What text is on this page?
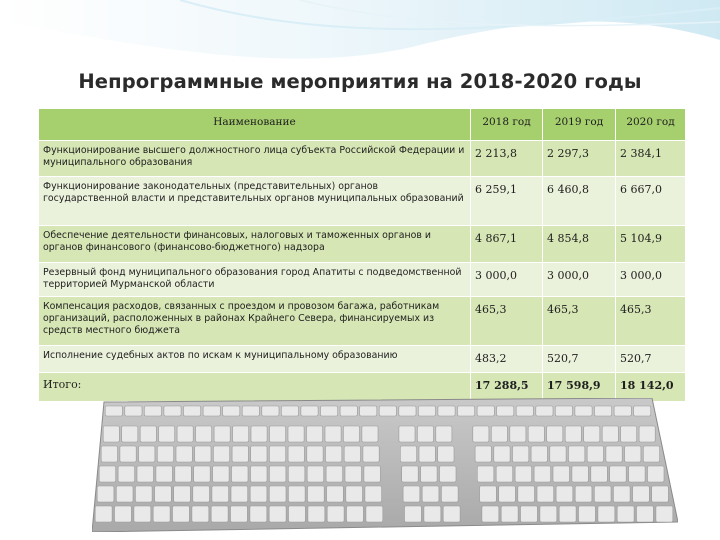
Непрограммные мероприятия на 2018-2020 годы
Наименование	2018 год	2019 год	2020 год
Функционирование высшего должностного лица субъекта Российской Федерации и муниципального образования	2 213,8	2 297,3	2 384,1
Функционирование законодательных (представительных) органов государственной власти и представительных органов муниципальных образований	6 259,1	6 460,8	6 667,0
Обеспечение деятельности финансовых, налоговых и таможенных органов и органов финансового (финансово-бюджетного) надзора	4 867,1	4 854,8	5 104,9
Резервный фонд муниципального образования город Апатиты с подведомственной территорией Мурманской области	3 000,0	3 000,0	3 000,0
Компенсация расходов, связанных с проездом и провозом багажа, работникам организаций, расположенных в районах Крайнего Севера, финансируемых из средств местного бюджета	465,3	465,3	465,3
Исполнение судебных актов по искам к муниципальному образованию	483,2	520,7	520,7
Итого:	17 288,5	17 598,9	18 142,0
